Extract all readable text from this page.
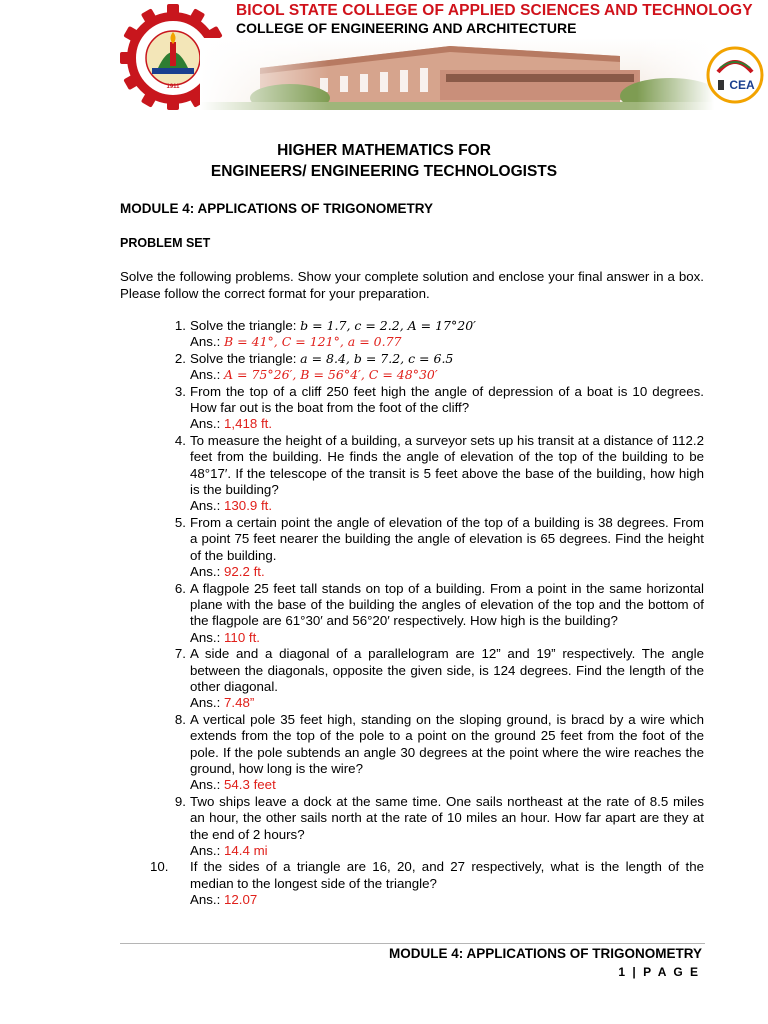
1911
BICOL STATE COLLEGE OF APPLIED SCIENCES AND TECHNOLOGY
COLLEGE OF ENGINEERING AND ARCHITECTURE
CEA
HIGHER MATHEMATICS FOR
ENGINEERS/ ENGINEERING TECHNOLOGISTS
MODULE 4: APPLICATIONS OF TRIGONOMETRY
PROBLEM SET
Solve the following problems. Show your complete solution and enclose your final answer in a box. Please follow the correct format for your preparation.
1. Solve the triangle: b = 1.7, c = 2.2, A = 17°20′
Ans.: B = 41°, C = 121°, a = 0.77
2. Solve the triangle: a = 8.4, b = 7.2, c = 6.5
Ans.: A = 75°26′, B = 56°4′, C = 48°30′
3. From the top of a cliff 250 feet high the angle of depression of a boat is 10 degrees. How far out is the boat from the foot of the cliff?
Ans.: 1,418 ft.
4. To measure the height of a building, a surveyor sets up his transit at a distance of 112.2 feet from the building. He finds the angle of elevation of the top of the building to be 48°17′. If the telescope of the transit is 5 feet above the base of the building, how high is the building?
Ans.: 130.9 ft.
5. From a certain point the angle of elevation of the top of a building is 38 degrees. From a point 75 feet nearer the building the angle of elevation is 65 degrees. Find the height of the building.
Ans.: 92.2 ft.
6. A flagpole 25 feet tall stands on top of a building. From a point in the same horizontal plane with the base of the building the angles of elevation of the top and the bottom of the flagpole are 61°30′ and 56°20′ respectively. How high is the building?
Ans.: 110 ft.
7. A side and a diagonal of a parallelogram are 12” and 19” respectively. The angle between the diagonals, opposite the given side, is 124 degrees. Find the length of the other diagonal.
Ans.: 7.48”
8. A vertical pole 35 feet high, standing on the sloping ground, is bracd by a wire which extends from the top of the pole to a point on the ground 25 feet from the foot of the pole. If the pole subtends an angle 30 degrees at the point where the wire reaches the ground, how long is the wire?
Ans.: 54.3 feet
9. Two ships leave a dock at the same time. One sails northeast at the rate of 8.5 miles an hour, the other sails north at the rate of 10 miles an hour. How far apart are they at the end of 2 hours?
Ans.: 14.4 mi
10.	If the sides of a triangle are 16, 20, and 27 respectively, what is the length of the median to the longest side of the triangle?
Ans.: 12.07
MODULE 4: APPLICATIONS OF TRIGONOMETRY
1 | P A G E
